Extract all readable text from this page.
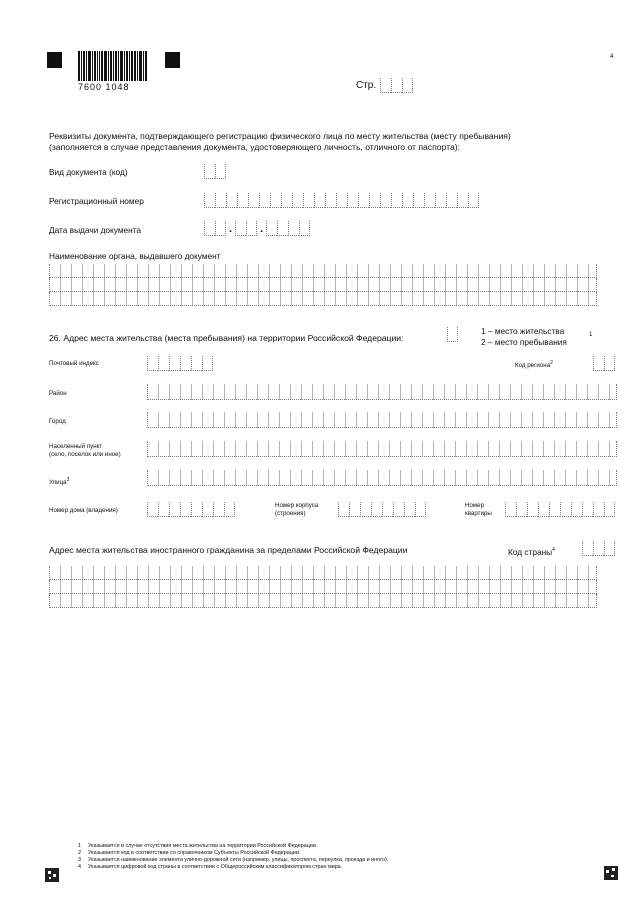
7600 1048	Стр.
4
Реквизиты документа, подтверждающего регистрацию физического лица по месту жительства (месту пребывания)
(заполняется в случае представления документа, удостоверяющего личность, отличного от паспорта):
Вид документа (код)
Регистрационный номер
Дата выдачи документа	.	.
Наименование органа, выдавшего документ
26. Адрес места жительства (места пребывания) на территории Российской Федерации:
1 – место жительства	1
2 – место пребывания
Почтовый индекс	Код региона$^2$
Район
Город
Населенный пункт
(село, поселок или иное)
Улица$^3$
Номер дома (владения)
Номер корпуса
(строения)
Номер
квартиры
Адрес места жительства иностранного гражданина за пределами Российской Федерации	Код страны$^4$
1 Указывается в случае отсутствия места жительства на территории Российской Федерации.
2 Указывается код в соответствии со справочником Субъекты Российской Федерации.
3 Указывается наименование элемента улично-дорожной сети (например, улицы, проспекта, переулка, проезда и иного).
4 Указывается цифровой код страны в соответствии с Общероссийским классификатором стран мира.
